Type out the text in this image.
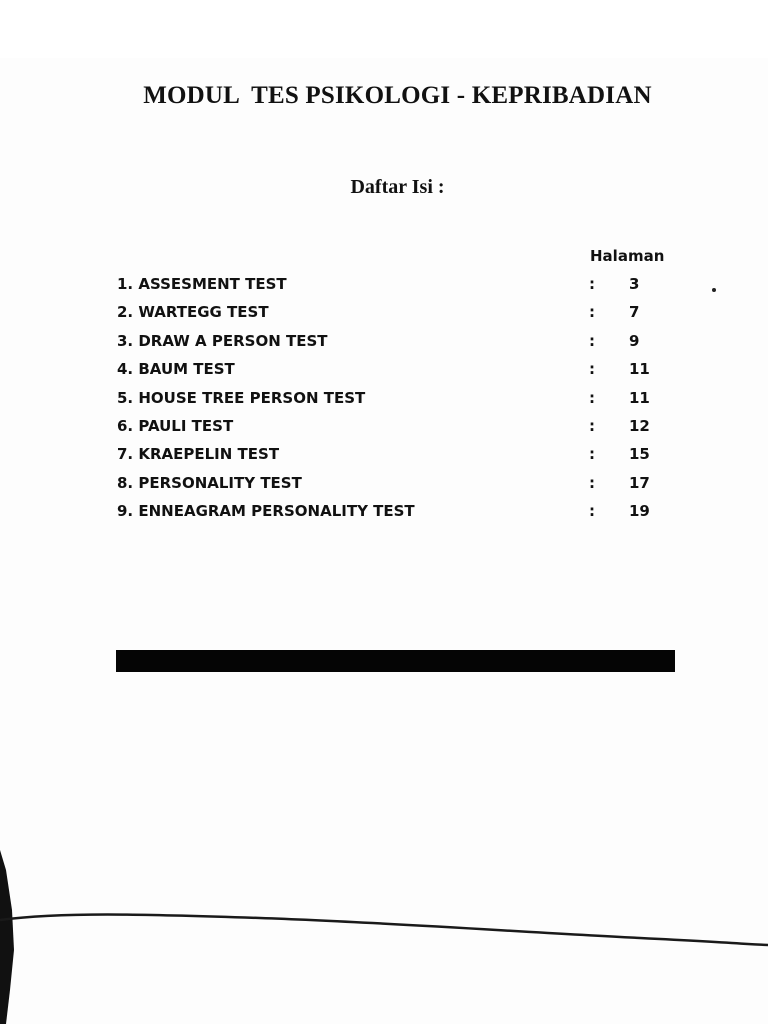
MODUL  TES PSIKOLOGI - KEPRIBADIAN
Daftar Isi :
Halaman
1. ASSESMENT TEST	: 3
2. WARTEGG TEST	: 7
3. DRAW A PERSON TEST	: 9
4. BAUM TEST	: 11
5. HOUSE TREE PERSON TEST	: 11
6. PAULI TEST	: 12
7. KRAEPELIN TEST	: 15
8. PERSONALITY TEST	: 17
9. ENNEAGRAM PERSONALITY TEST	: 19
